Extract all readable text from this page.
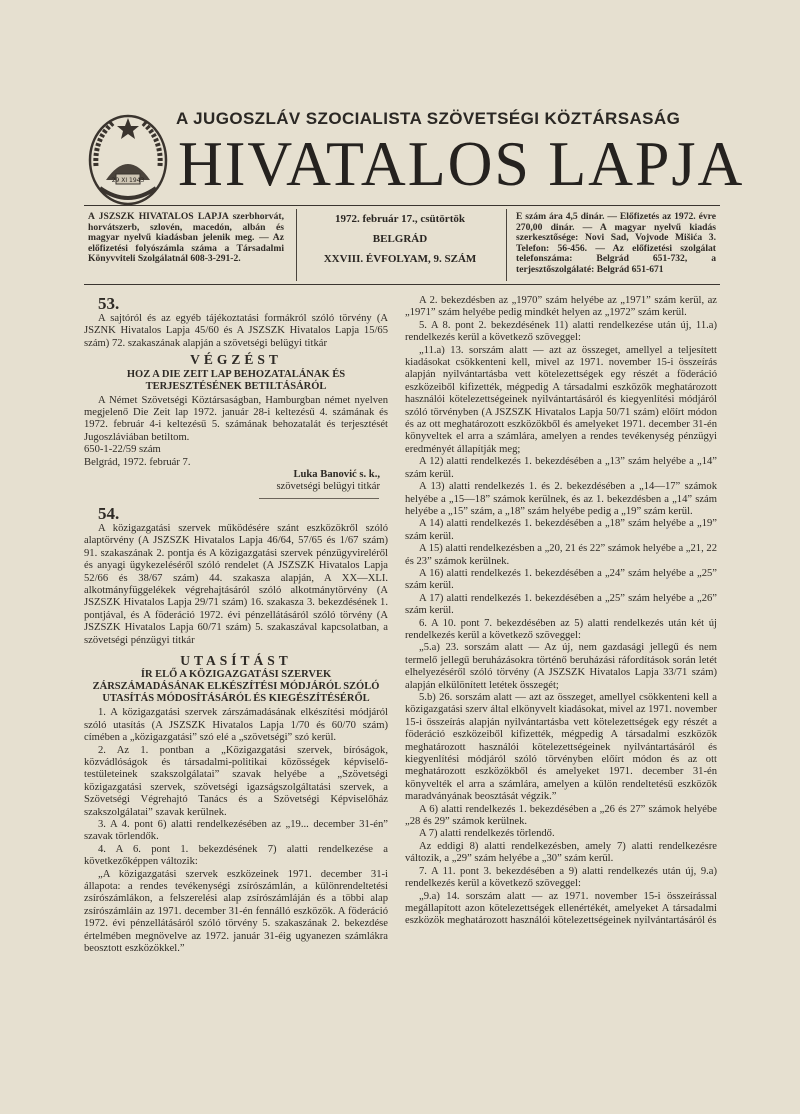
29 XI 1943
A JUGOSZLÁV SZOCIALISTA SZÖVETSÉGI KÖZTÁRSASÁG
HIVATALOS LAPJA
A JSZSZK HIVATALOS LAPJA szerbhorvát, horvátszerb, szlovén, macedón, albán és magyar nyelvű kiadásban jelenik meg. — Az előfizetési folyószámla száma a Társadalmi Könyvviteli Szolgálatnál 608-3-291-2.
1972. február 17., csütörtök
BELGRÁD
XXVIII. ÉVFOLYAM, 9. SZÁM
E szám ára 4,5 dinár. — Előfizetés az 1972. évre 270,00 dinár. — A magyar nyelvű kiadás szerkesztősége: Novi Sad, Vojvode Mišića 3. Telefon: 56-456. — Az előfizetési szolgálat telefonszáma: Belgrád 651-732, a terjesztőszolgálaté: Belgrád 651-671

53.

A sajtóról és az egyéb tájékoztatási formákról szóló törvény (A JSZNK Hivatalos Lapja 45/60 és A JSZSZK Hivatalos Lapja 15/65 szám) 72. szakaszának alapján a szövetségi belügyi titkár

VÉGZÉST

HOZ A DIE ZEIT LAP BEHOZATALÁNAK ÉS TERJESZTÉSÉNEK BETILTÁSÁRÓL

A Német Szövetségi Köztársaságban, Hamburgban német nyelven megjelenő Die Zeit lap 1972. január 28-i keltezésű 4. számának és 1972. február 4-i keltezésű 5. számának behozatalát és terjesztését Jugoszláviában betiltom.

650-1-22/59 szám

Belgrád, 1972. február 7.

Luka Banović s. k.,
szövetségi belügyi titkár

54.

A közigazgatási szervek működésére szánt eszközökről szóló alaptörvény (A JSZSZK Hivatalos Lapja 46/64, 57/65 és 1/67 szám) 91. szakaszának 2. pontja és A közigazgatási szervek pénzügyvireléről és anyagi ügykezeléséről szóló rendelet (A JSZSZK Hivatalos Lapja 52/66 és 38/67 szám) 44. szakasza alapján, A XX—XLI. alkotmányfüggelékek végrehajtásáról szóló alkotmánytörvény (A JSZSZK Hivatalos Lapja 29/71 szám) 16. szakasza 3. bekezdésének 1. pontjával, és A föderáció 1972. évi pénzellátásáról szóló törvény (A JSZSZK Hivatalos Lapja 60/71 szám) 5. szakaszával kapcsolatban, a szövetségi pénzügyi titkár

UTASÍTÁST

ÍR ELŐ A KÖZIGAZGATÁSI SZERVEK ZÁRSZÁMADÁSÁNAK ELKÉSZÍTÉSI MÓDJÁRÓL SZÓLÓ UTASÍTÁS MÓDOSÍTÁSÁRÓL ÉS KIEGÉSZÍTÉSÉRŐL

1. A közigazgatási szervek zárszámadásának elkészítési módjáról szóló utasítás (A JSZSZK Hivatalos Lapja 1/70 és 60/70 szám) címében a „közigazgatási” szó elé a „szövetségi” szó kerül.

2. Az 1. pontban a „Közigazgatási szervek, bíróságok, közvádlóságok és társadalmi-politikai közösségek képviselő-testületeinek szakszolgálatai” szavak helyébe a „Szövetségi közigazgatási szervek, szövetségi igazságszolgáltatási szervek, a Szövetségi Végrehajtó Tanács és a Szövetségi Képviselőház szakszolgálatai” szavak kerülnek.

3. A 4. pont 6) alatti rendelkezésében az „19... december 31-én” szavak törlendők.

4. A 6. pont 1. bekezdésének 7) alatti rendelkezése a következőképpen változik:

„A közigazgatási szervek eszközeinek 1971. december 31-i állapota: a rendes tevékenységi zsírószámlán, a különrendeltetési zsírószámlákon, a felszerelési alap zsírószámláján és a többi alap zsírószámláin az 1971. december 31-én fennálló eszközök. A föderáció 1972. évi pénzellátásáról szóló törvény 5. szakaszának 2. bekezdése értelmében megnövelve az 1972. január 31-éig ugyanezen számlákra beosztott eszközökkel.”

A 2. bekezdésben az „1970” szám helyébe az „1971” szám kerül, az „1971” szám helyébe pedig mindkét helyen az „1972” szám kerül.

5. A 8. pont 2. bekezdésének 11) alatti rendelkezése után új, 11.a) rendelkezés kerül a következő szöveggel:

„11.a) 13. sorszám alatt — azt az összeget, amellyel a teljesített kiadásokat csökkenteni kell, mivel az 1971. november 15-i összeírás alapján nyilvántartásba vett kötelezettségek egy részét a föderáció eszközeiből kifizették, mégpedig A társadalmi eszközök meghatározott használói kötelezettségeinek nyilvántartásáról és kiegyenlítési módjáról szóló törvényben (A JSZSZK Hivatalos Lapja 50/71 szám) előírt módon és az ott meghatározott eszközökből és amelyeket 1971. december 31-én könyveltek el arra a számlára, amelyen a rendes tevékenység pénzügyi eredményét állapítják meg;

A 12) alatti rendelkezés 1. bekezdésében a „13” szám helyébe a „14” szám kerül.

A 13) alatti rendelkezés 1. és 2. bekezdésében a „14—17” számok helyébe a „15—18” számok kerülnek, és az 1. bekezdésben a „14” szám helyébe a „15” szám, a „18” szám helyébe pedig a „19” szám kerül.

A 14) alatti rendelkezés 1. bekezdésében a „18” szám helyébe a „19” szám kerül.

A 15) alatti rendelkezésben a „20, 21 és 22” számok helyébe a „21, 22 és 23” számok kerülnek.

A 16) alatti rendelkezés 1. bekezdésében a „24” szám helyébe a „25” szám kerül.

A 17) alatti rendelkezés 1. bekezdésében a „25” szám helyébe a „26” szám kerül.

6. A 10. pont 7. bekezdésében az 5) alatti rendelkezés után két új rendelkezés kerül a következő szöveggel:

„5.a) 23. sorszám alatt — Az új, nem gazdasági jellegű és nem termelő jellegű beruházásokra történő beruházási ráfordítások során letét elhelyezéséről szóló törvény (A JSZSZK Hivatalos Lapja 33/71 szám) alapján elkülönített letétek összegét;

5.b) 26. sorszám alatt — azt az összeget, amellyel csökkenteni kell a közigazgatási szerv által elkönyvelt kiadásokat, mivel az 1971. november 15-i összeírás alapján nyilvántartásba vett kötelezettségek egy részét a föderáció eszközeiből kifizették, mégpedig A társadalmi eszközök meghatározott használói kötelezettségeinek nyilvántartásáról és kiegyenlítési módjáról szóló törvényben előírt módon és az ott meghatározott eszközökből és amelyeket 1971. december 31-én könyvelték el arra a számlára, amelyen a külön rendeltetésű eszközök maradványának beosztását végzik.”

A 6) alatti rendelkezés 1. bekezdésében a „26 és 27” számok helyébe „28 és 29” számok kerülnek.

A 7) alatti rendelkezés törlendő.

Az eddigi 8) alatti rendelkezésben, amely 7) alatti rendelkezésre változik, a „29” szám helyébe a „30” szám kerül.

7. A 11. pont 3. bekezdésében a 9) alatti rendelkezés után új, 9.a) rendelkezés kerül a következő szöveggel:

„9.a) 14. sorszám alatt — az 1971. november 15-i összeírással megállapított azon kötelezettségek ellenértékét, amelyeket A társadalmi eszközök meghatározott használói kötelezettségeinek nyilvántartásáról és
